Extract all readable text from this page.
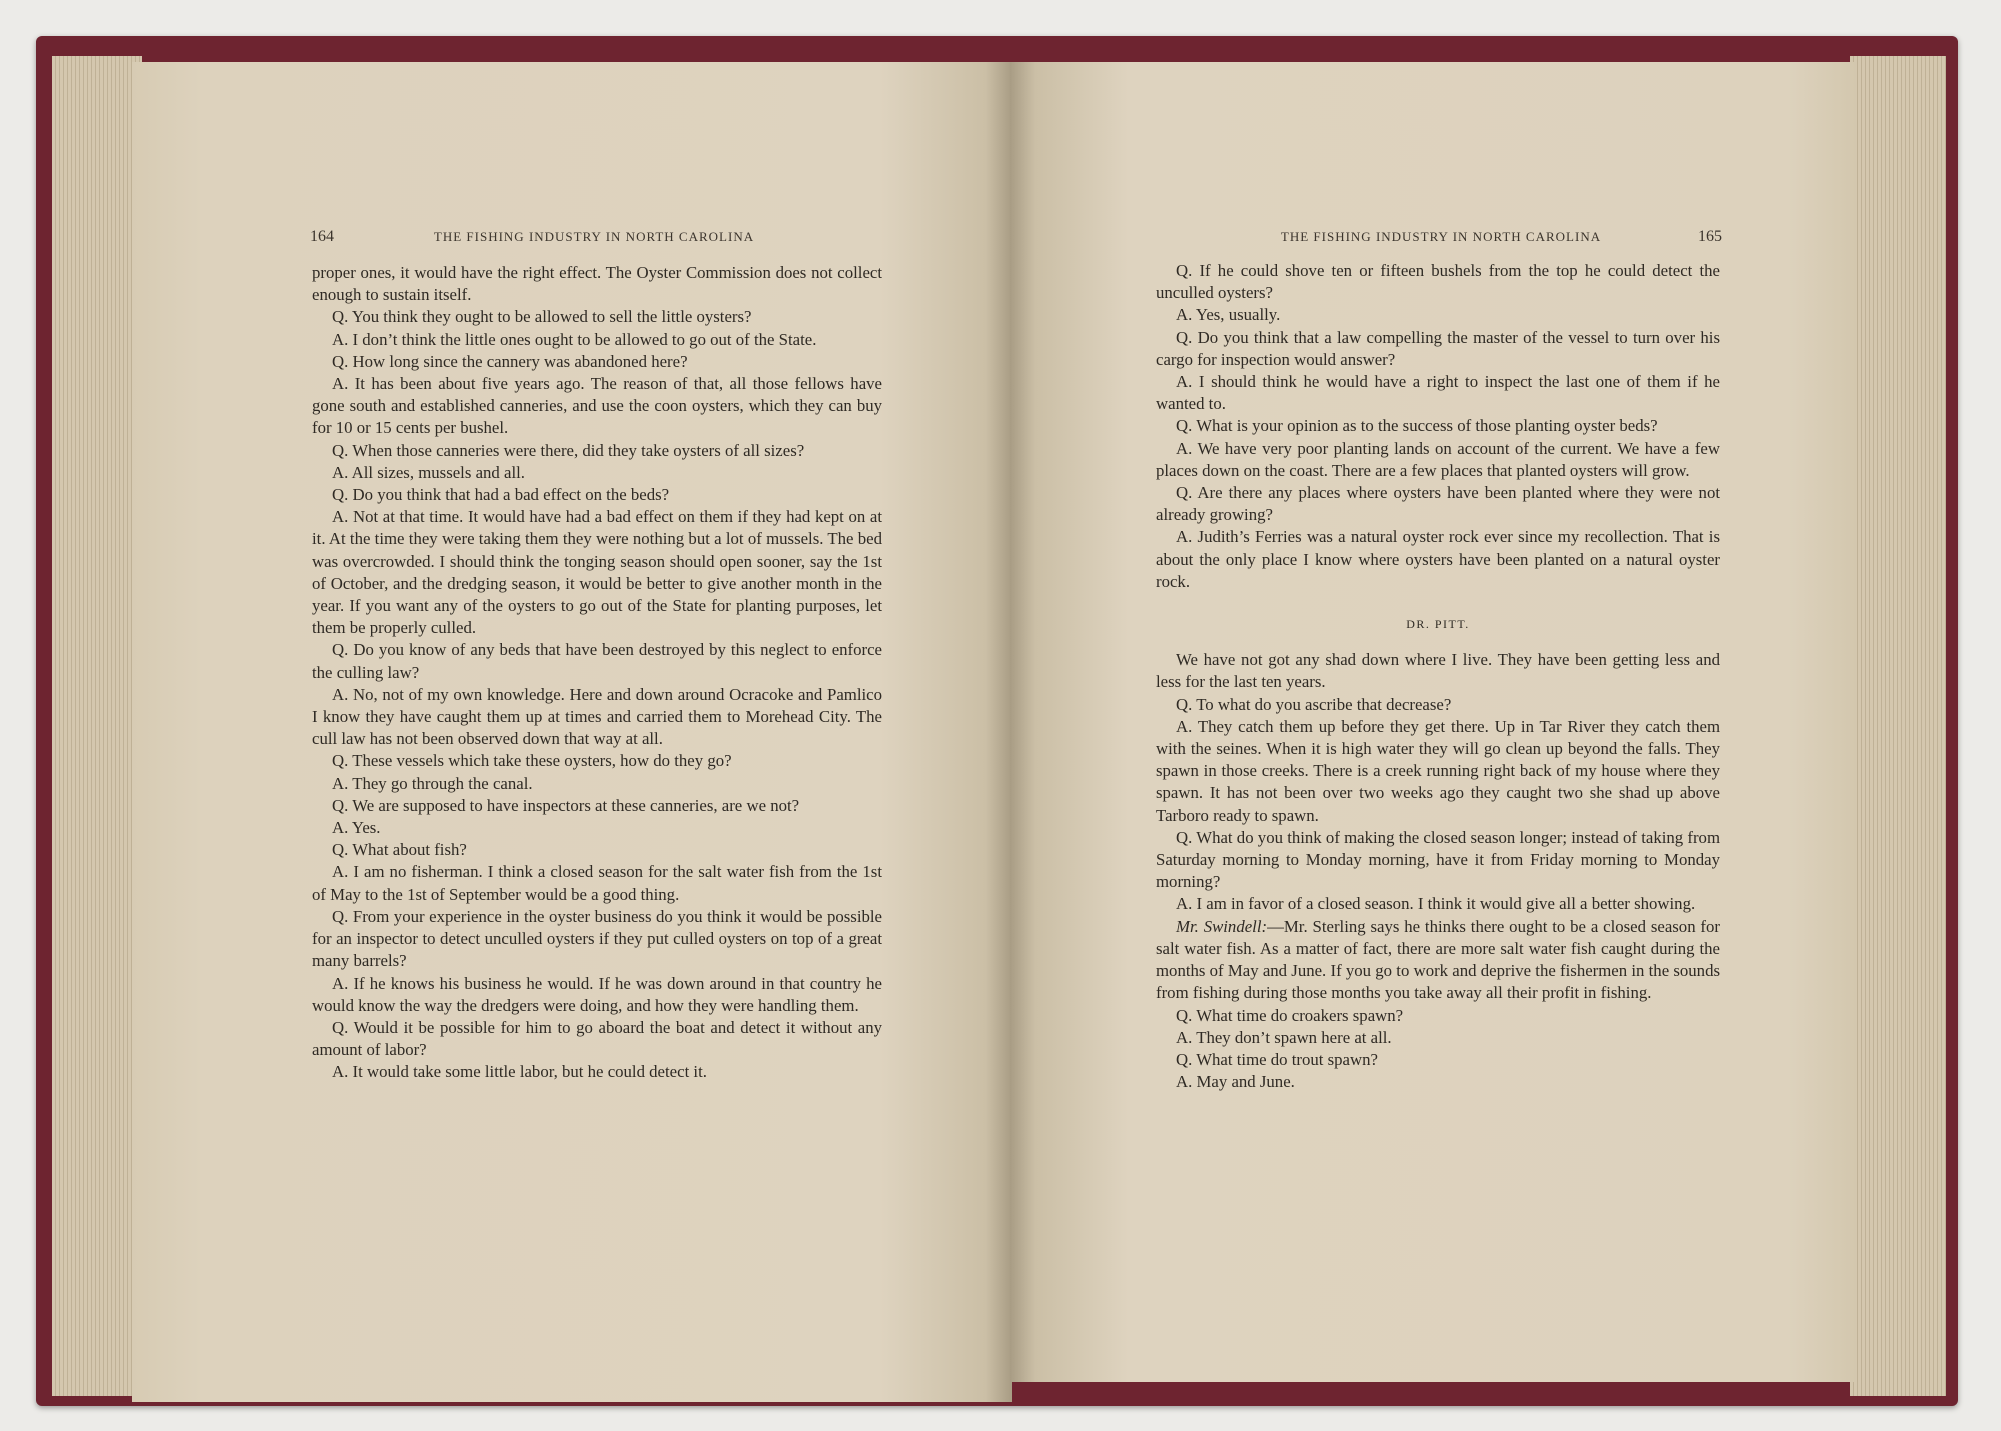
164	THE FISHING INDUSTRY IN NORTH CAROLINA

proper ones, it would have the right effect. The Oyster Commission does not collect enough to sustain itself.

Q. You think they ought to be allowed to sell the little oysters?

A. I don’t think the little ones ought to be allowed to go out of the State.

Q. How long since the cannery was abandoned here?

A. It has been about five years ago. The reason of that, all those fellows have gone south and established canneries, and use the coon oysters, which they can buy for 10 or 15 cents per bushel.

Q. When those canneries were there, did they take oysters of all sizes?

A. All sizes, mussels and all.

Q. Do you think that had a bad effect on the beds?

A. Not at that time. It would have had a bad effect on them if they had kept on at it. At the time they were taking them they were nothing but a lot of mussels. The bed was overcrowded. I should think the tonging season should open sooner, say the 1st of October, and the dredging season, it would be better to give another month in the year. If you want any of the oysters to go out of the State for planting purposes, let them be properly culled.

Q. Do you know of any beds that have been destroyed by this neglect to enforce the culling law?

A. No, not of my own knowledge. Here and down around Ocracoke and Pamlico I know they have caught them up at times and carried them to Morehead City. The cull law has not been observed down that way at all.

Q. These vessels which take these oysters, how do they go?

A. They go through the canal.

Q. We are supposed to have inspectors at these canneries, are we not?

A. Yes.

Q. What about fish?

A. I am no fisherman. I think a closed season for the salt water fish from the 1st of May to the 1st of September would be a good thing.

Q. From your experience in the oyster business do you think it would be possible for an inspector to detect unculled oysters if they put culled oysters on top of a great many barrels?

A. If he knows his business he would. If he was down around in that country he would know the way the dredgers were doing, and how they were handling them.

Q. Would it be possible for him to go aboard the boat and detect it without any amount of labor?

A. It would take some little labor, but he could detect it.

THE FISHING INDUSTRY IN NORTH CAROLINA	165

Q. If he could shove ten or fifteen bushels from the top he could detect the unculled oysters?

A. Yes, usually.

Q. Do you think that a law compelling the master of the vessel to turn over his cargo for inspection would answer?

A. I should think he would have a right to inspect the last one of them if he wanted to.

Q. What is your opinion as to the success of those planting oyster beds?

A. We have very poor planting lands on account of the current. We have a few places down on the coast. There are a few places that planted oysters will grow.

Q. Are there any places where oysters have been planted where they were not already growing?

A. Judith’s Ferries was a natural oyster rock ever since my recollection. That is about the only place I know where oysters have been planted on a natural oyster rock.

DR. PITT.

We have not got any shad down where I live. They have been getting less and less for the last ten years.

Q. To what do you ascribe that decrease?

A. They catch them up before they get there. Up in Tar River they catch them with the seines. When it is high water they will go clean up beyond the falls. They spawn in those creeks. There is a creek running right back of my house where they spawn. It has not been over two weeks ago they caught two she shad up above Tarboro ready to spawn.

Q. What do you think of making the closed season longer; instead of taking from Saturday morning to Monday morning, have it from Friday morning to Monday morning?

A. I am in favor of a closed season. I think it would give all a better showing.

Mr. Swindell:—Mr. Sterling says he thinks there ought to be a closed season for salt water fish. As a matter of fact, there are more salt water fish caught during the months of May and June. If you go to work and deprive the fishermen in the sounds from fishing during those months you take away all their profit in fishing.

Q. What time do croakers spawn?

A. They don’t spawn here at all.

Q. What time do trout spawn?

A. May and June.
